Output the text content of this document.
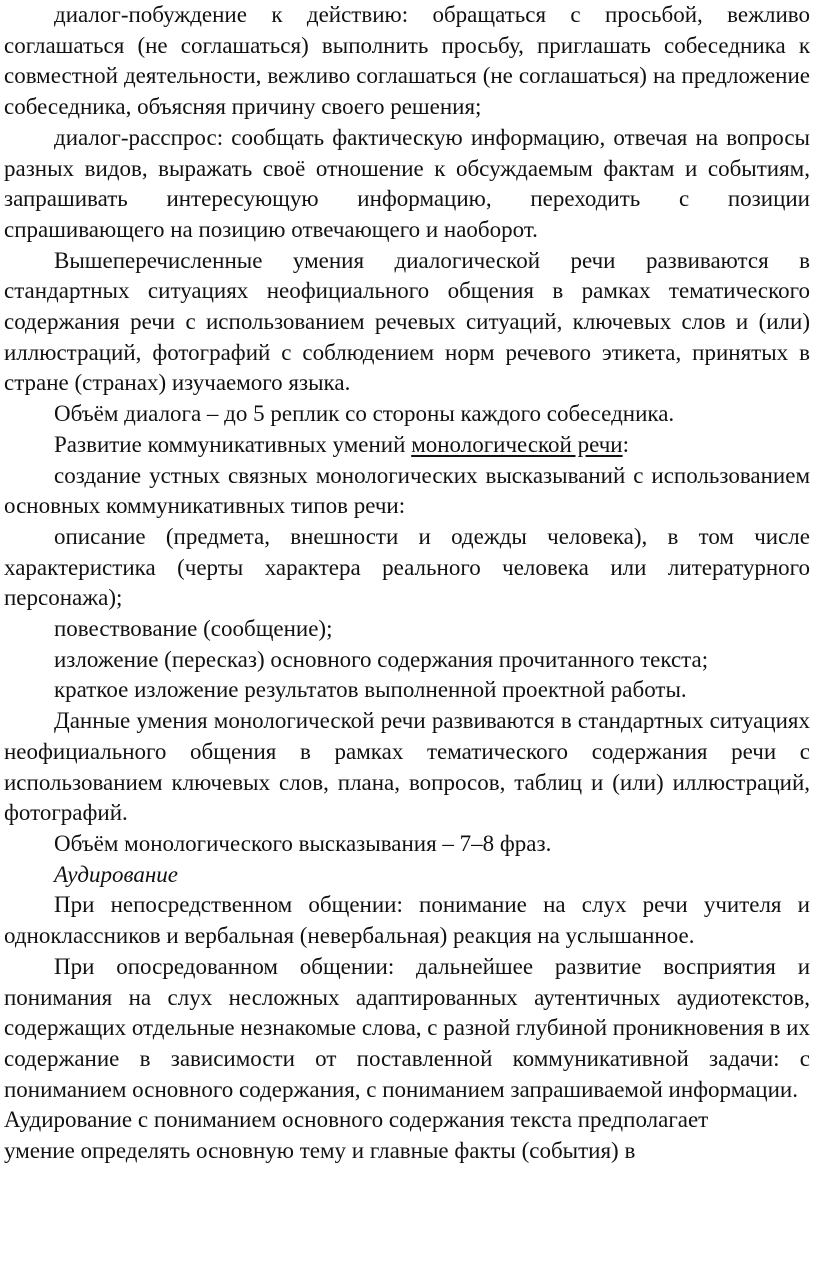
диалог-побуждение к действию: обращаться с просьбой, вежливо соглашаться (не соглашаться) выполнить просьбу, приглашать собеседника к совместной деятельности, вежливо соглашаться (не соглашаться) на предложение собеседника, объясняя причину своего решения;

диалог-расспрос: сообщать фактическую информацию, отвечая на вопросы разных видов, выражать своё отношение к обсуждаемым фактам и событиям, запрашивать интересующую информацию, переходить с позиции спрашивающего на позицию отвечающего и наоборот.

Вышеперечисленные умения диалогической речи развиваются в стандартных ситуациях неофициального общения в рамках тематического содержания речи с использованием речевых ситуаций, ключевых слов и (или) иллюстраций, фотографий с соблюдением норм речевого этикета, принятых в стране (странах) изучаемого языка.

Объём диалога – до 5 реплик со стороны каждого собеседника.

Развитие коммуникативных умений монологической речи:

создание устных связных монологических высказываний с использованием основных коммуникативных типов речи:

описание (предмета, внешности и одежды человека), в том числе характеристика (черты характера реального человека или литературного персонажа);

повествование (сообщение);

изложение (пересказ) основного содержания прочитанного текста;

краткое изложение результатов выполненной проектной работы.

Данные умения монологической речи развиваются в стандартных ситуациях неофициального общения в рамках тематического содержания речи с использованием ключевых слов, плана, вопросов, таблиц и (или) иллюстраций, фотографий.

Объём монологического высказывания – 7–8 фраз.

Аудирование

При непосредственном общении: понимание на слух речи учителя и одноклассников и вербальная (невербальная) реакция на услышанное.

При опосредованном общении: дальнейшее развитие восприятия и понимания на слух несложных адаптированных аутентичных аудиотекстов, содержащих отдельные незнакомые слова, с разной глубиной проникновения в их содержание в зависимости от поставленной коммуникативной задачи: с пониманием основного содержания, с пониманием запрашиваемой информации.

Аудирование с пониманием основного содержания текста предполагает

умение определять основную тему и главные факты (события) в
